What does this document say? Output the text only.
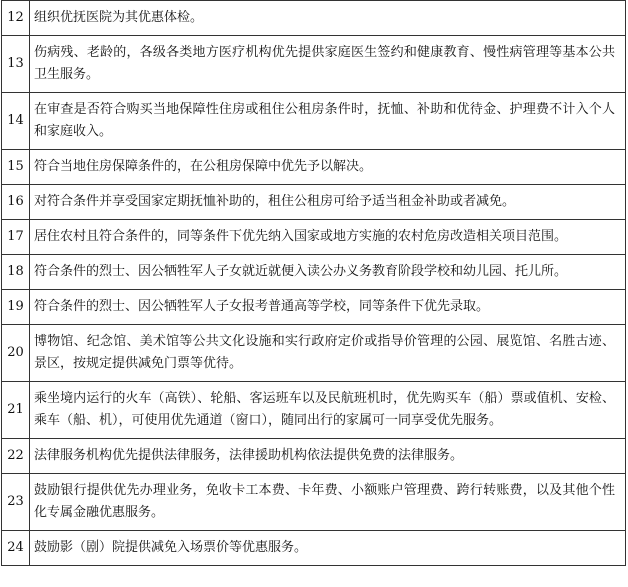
12	组织优抚医院为其优惠体检。
13	伤病残、老龄的，各级各类地方医疗机构优先提供家庭医生签约和健康教育、慢性病管理等基本公共卫生服务。
14	在审查是否符合购买当地保障性住房或租住公租房条件时，抚恤、补助和优待金、护理费不计入个人和家庭收入。
15	符合当地住房保障条件的，在公租房保障中优先予以解决。
16	对符合条件并享受国家定期抚恤补助的，租住公租房可给予适当租金补助或者减免。
17	居住农村且符合条件的，同等条件下优先纳入国家或地方实施的农村危房改造相关项目范围。
18	符合条件的烈士、因公牺牲军人子女就近就便入读公办义务教育阶段学校和幼儿园、托儿所。
19	符合条件的烈士、因公牺牲军人子女报考普通高等学校，同等条件下优先录取。
20	博物馆、纪念馆、美术馆等公共文化设施和实行政府定价或指导价管理的公园、展览馆、名胜古迹、景区，按规定提供减免门票等优待。
21	乘坐境内运行的火车（高铁）、轮船、客运班车以及民航班机时，优先购买车（船）票或值机、安检、乘车（船、机），可使用优先通道（窗口），随同出行的家属可一同享受优先服务。
22	法律服务机构优先提供法律服务，法律援助机构依法提供免费的法律服务。
23	鼓励银行提供优先办理业务，免收卡工本费、卡年费、小额账户管理费、跨行转账费，以及其他个性化专属金融优惠服务。
24	鼓励影（剧）院提供减免入场票价等优惠服务。
